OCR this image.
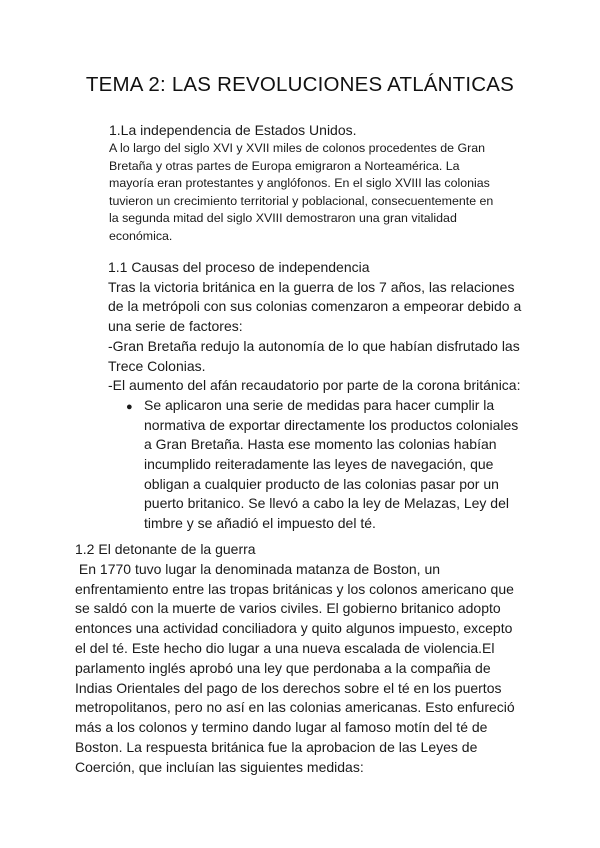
TEMA 2: LAS REVOLUCIONES ATLÁNTICAS
1.La independencia de Estados Unidos.
A lo largo del siglo XVI y XVII miles de colonos procedentes de Gran
Bretaña y otras partes de Europa emigraron a Norteamérica. La
mayoría eran protestantes y anglófonos. En el siglo XVIII las colonias
tuvieron un crecimiento territorial y poblacional, consecuentemente en
la segunda mitad del siglo XVIII demostraron una gran vitalidad
económica.
1.1 Causas del proceso de independencia
Tras la victoria británica en la guerra de los 7 años, las relaciones
de la metrópoli con sus colonias comenzaron a empeorar debido a
una serie de factores:
-Gran Bretaña redujo la autonomía de lo que habían disfrutado las
Trece Colonias.
-El aumento del afán recaudatorio por parte de la corona británica:
● Se aplicaron una serie de medidas para hacer cumplir la
normativa de exportar directamente los productos coloniales
a Gran Bretaña. Hasta ese momento las colonias habían
incumplido reiteradamente las leyes de navegación, que
obligan a cualquier producto de las colonias pasar por un
puerto britanico. Se llevó a cabo la ley de Melazas, Ley del
timbre y se añadió el impuesto del té.
1.2 El detonante de la guerra
En 1770 tuvo lugar la denominada matanza de Boston, un
enfrentamiento entre las tropas británicas y los colonos americano que
se saldó con la muerte de varios civiles. El gobierno britanico adopto
entonces una actividad conciliadora y quito algunos impuesto, excepto
el del té. Este hecho dio lugar a una nueva escalada de violencia.El
parlamento inglés aprobó una ley que perdonaba a la compañia de
Indias Orientales del pago de los derechos sobre el té en los puertos
metropolitanos, pero no así en las colonias americanas. Esto enfureció
más a los colonos y termino dando lugar al famoso motín del té de
Boston. La respuesta británica fue la aprobacion de las Leyes de
Coerción, que incluían las siguientes medidas:
